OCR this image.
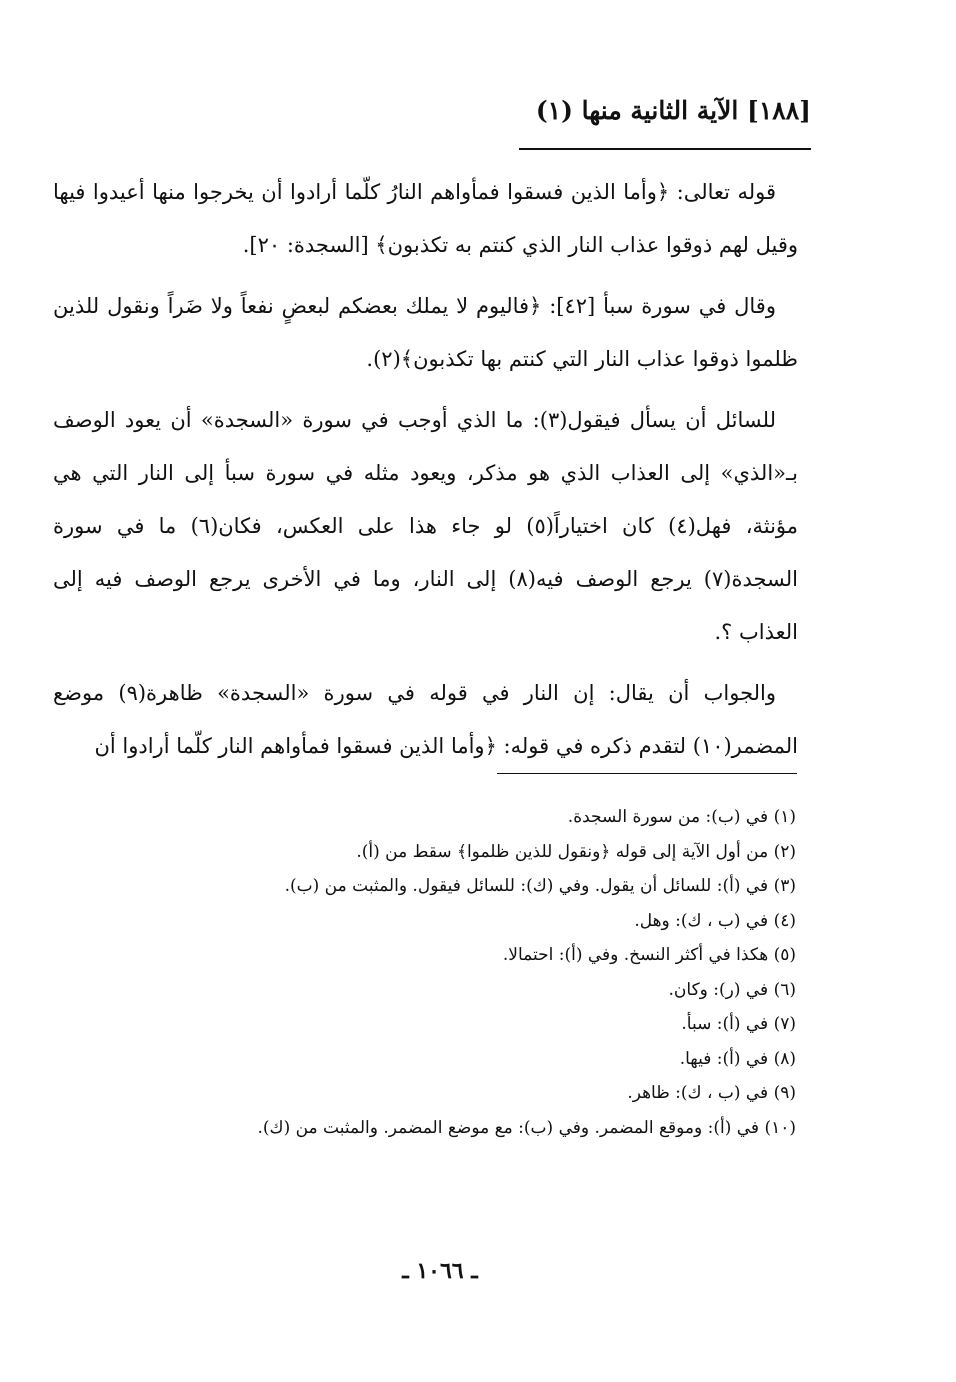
[١٨٨] الآية الثانية منها (١)

قوله تعالى: ﴿وأما الذين فسقوا فمأواهم النارُ كلّما أرادوا أن يخرجوا منها أعيدوا فيها وقيل لهم ذوقوا عذاب النار الذي كنتم به تكذبون﴾ [السجدة: ٢٠].

وقال في سورة سبأ [٤٢]: ﴿فاليوم لا يملك بعضكم لبعضٍ نفعاً ولا ضَراً ونقول للذين ظلموا ذوقوا عذاب النار التي كنتم بها تكذبون﴾(٢).

للسائل أن يسأل فيقول(٣): ما الذي أوجب في سورة «السجدة» أن يعود الوصف بـ«الذي» إلى العذاب الذي هو مذكر، ويعود مثله في سورة سبأ إلى النار التي هي مؤنثة، فهل(٤) كان اختياراً(٥) لو جاء هذا على العكس، فكان(٦) ما في سورة السجدة(٧) يرجع الوصف فيه(٨) إلى النار، وما في الأخرى يرجع الوصف فيه إلى العذاب ؟.

والجواب أن يقال: إن النار في قوله في سورة «السجدة» ظاهرة(٩) موضع المضمر(١٠) لتقدم ذكره في قوله: ﴿وأما الذين فسقوا فمأواهم النار كلّما أرادوا أن

(١) في (ب): من سورة السجدة.
(٢) من أول الآية إلى قوله ﴿ونقول للذين ظلموا﴾ سقط من (أ).
(٣) في (أ): للسائل أن يقول. وفي (ك): للسائل فيقول. والمثبت من (ب).
(٤) في (ب ، ك): وهل.
(٥) هكذا في أكثر النسخ. وفي (أ): احتمالا.
(٦) في (ر): وكان.
(٧) في (أ): سبأ.
(٨) في (أ): فيها.
(٩) في (ب ، ك): ظاهر.
(١٠) في (أ): وموقع المضمر. وفي (ب): مع موضع المضمر. والمثبت من (ك).
ـ ١٠٦٦ ـ
